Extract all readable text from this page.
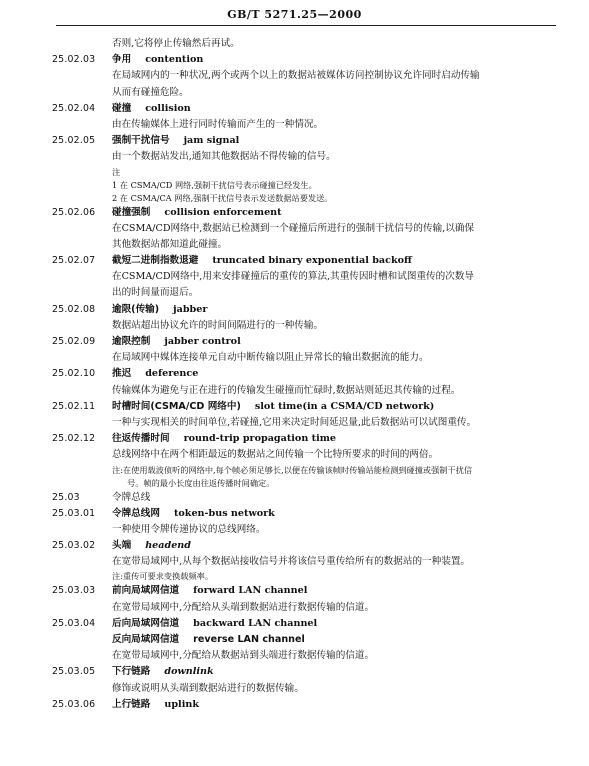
GB/T 5271.25—2000
否则,它将停止传输然后再试。
25.02.03	争用 contention
在局域网内的一种状况,两个或两个以上的数据站被媒体访问控制协议允许同时启动传输
从而有碰撞危险。
25.02.04	碰撞 collision
由在传输媒体上进行同时传输而产生的一种情况。
25.02.05	强制干扰信号 jam signal
由一个数据站发出,通知其他数据站不得传输的信号。
注
1 在 CSMA/CD 网络,强制干扰信号表示碰撞已经发生。
2 在 CSMA/CA 网络,强制干扰信号表示发送数据站要发送。
25.02.06	碰撞强制 collision enforcement
在CSMA/CD网络中,数据站已检测到一个碰撞后所进行的强制干扰信号的传输,以确保
其他数据站都知道此碰撞。
25.02.07	截短二进制指数退避 truncated binary exponential backoff
在CSMA/CD网络中,用来安排碰撞后的重传的算法,其重传因时槽和试图重传的次数导
出的时间量而退后。
25.02.08	逾限(传输) jabber
数据站超出协议允许的时间间隔进行的一种传输。
25.02.09	逾限控制 jabber control
在局域网中媒体连接单元自动中断传输以阻止异常长的输出数据流的能力。
25.02.10	推迟 deference
传输媒体为避免与正在进行的传输发生碰撞而忙碌时,数据站则延迟其传输的过程。
25.02.11	时槽时间(CSMA/CD 网络中) slot time(in a CSMA/CD network)
一种与实现相关的时间单位,若碰撞,它用来决定时间延迟量,此后数据站可以试图重传。
25.02.12	往返传播时间 round-trip propagation time
总线网络中在两个相距最远的数据站之间传输一个比特所要求的时间的两倍。
注:在使用载波侦听的网络中,每个帧必须足够长,以便在传输该帧时传输站能检测到碰撞或强制干扰信
号。帧的最小长度由往返传播时间确定。
25.03	令牌总线
25.03.01	令牌总线网 token-bus network
一种使用令牌传递协议的总线网络。
25.03.02	头端 headend
在宽带局域网中,从每个数据站接收信号并将该信号重传给所有的数据站的一种装置。
注:重传可要求变换载频率。
25.03.03	前向局域网信道 forward LAN channel
在宽带局域网中,分配给从头端到数据站进行数据传输的信道。
25.03.04	后向局域网信道 backward LAN channel
反向局域网信道 reverse LAN channel
在宽带局域网中,分配给从数据站到头端进行数据传输的信道。
25.03.05	下行链路 downlink
修饰或说明从头端到数据站进行的数据传输。
25.03.06	上行链路 uplink
